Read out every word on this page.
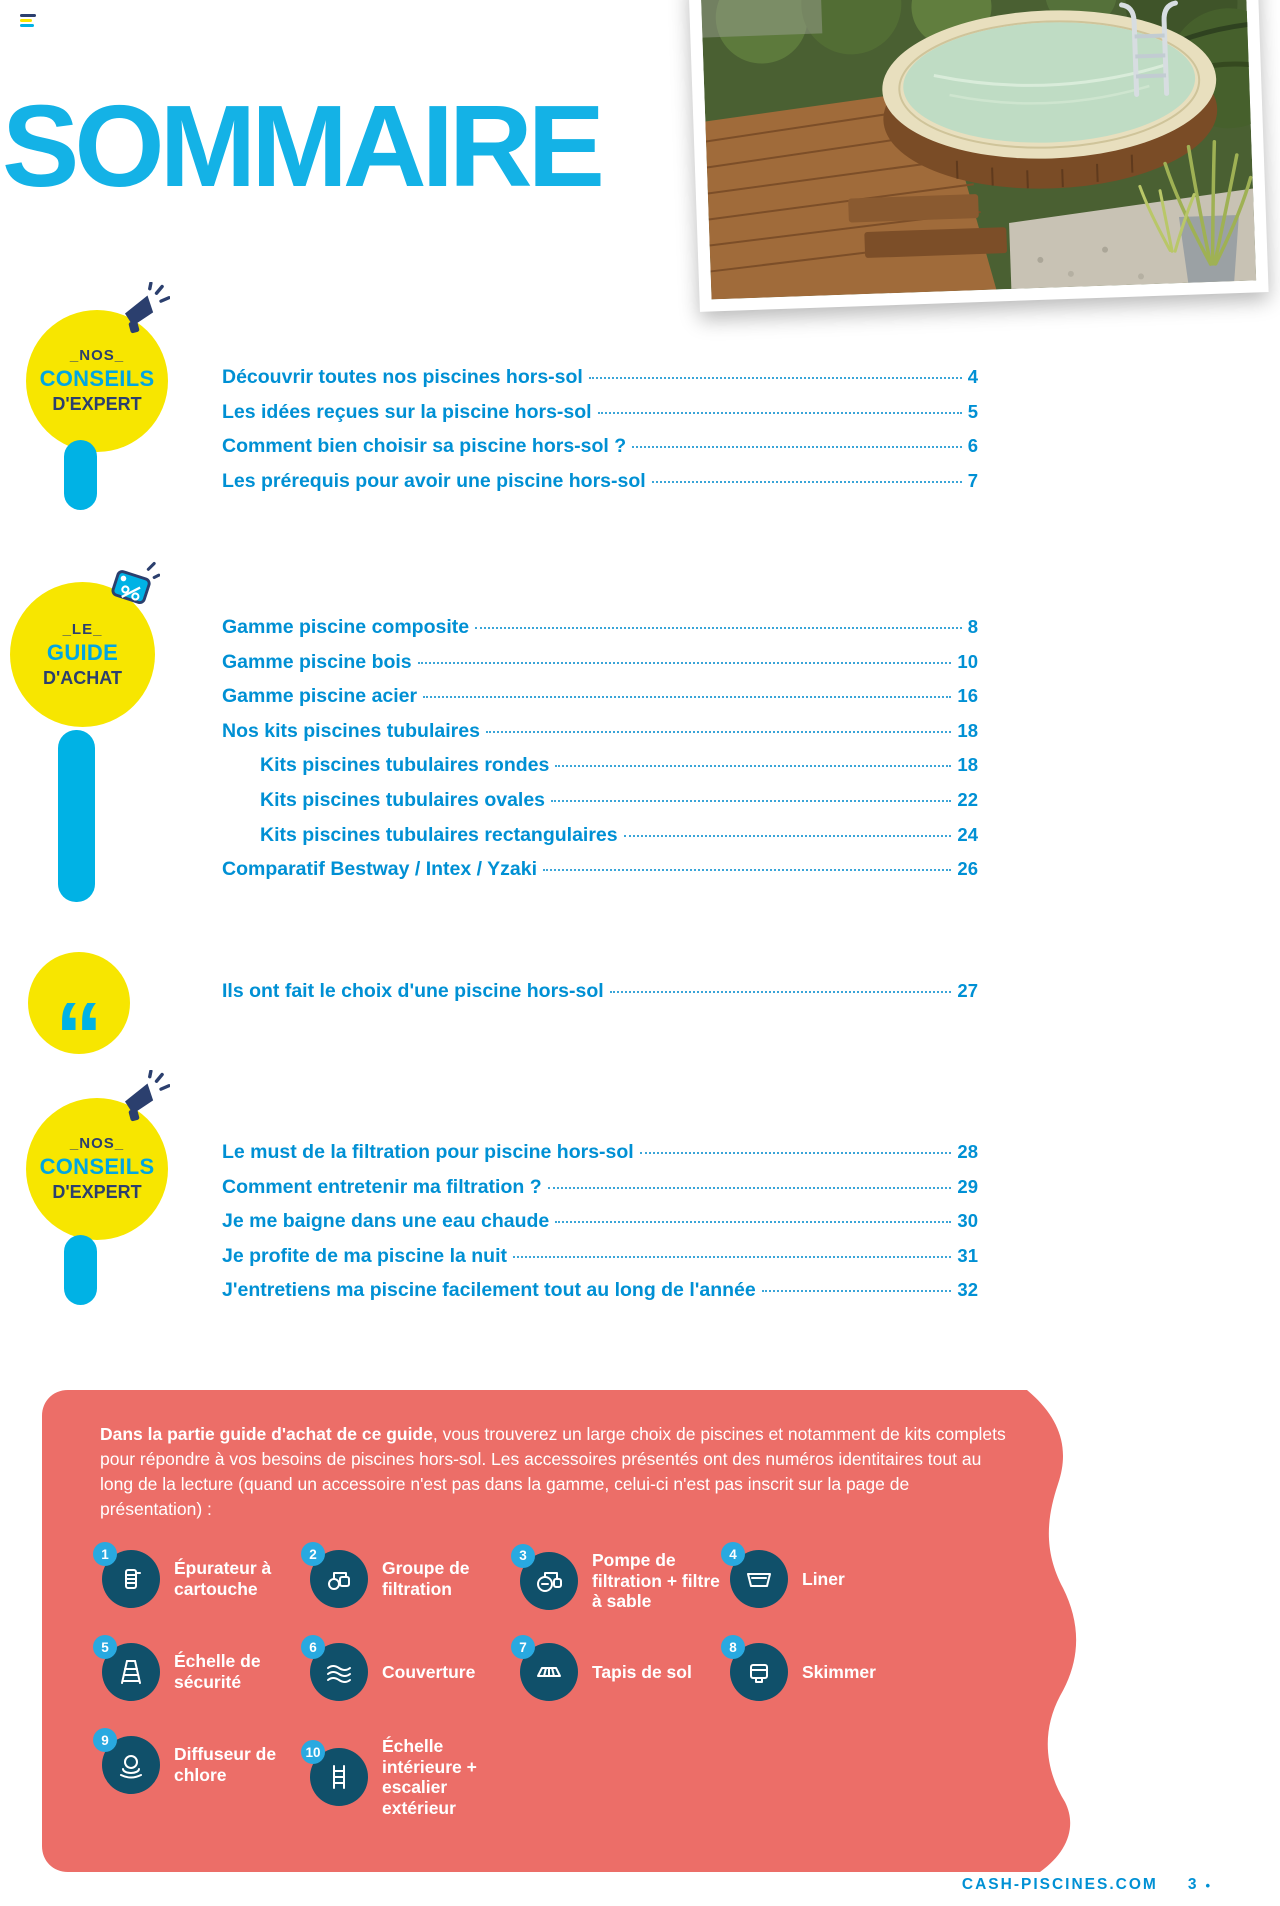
SOMMAIRE
_NOS_
CONSEILS
D'EXPERT
Découvrir toutes nos piscines hors-sol	4
Les idées reçues sur la piscine hors-sol	5
Comment bien choisir sa piscine hors-sol ?	6
Les prérequis pour avoir une piscine hors-sol	7
_LE_
GUIDE
D'ACHAT
Gamme piscine composite	8
Gamme piscine bois	10
Gamme piscine acier	16
Nos kits piscines tubulaires	18
Kits piscines tubulaires rondes	18
Kits piscines tubulaires ovales	22
Kits piscines tubulaires rectangulaires	24
Comparatif Bestway / Intex / Yzaki	26
“	Ils ont fait le choix d'une piscine hors-sol	27
_NOS_
CONSEILS
D'EXPERT
Le must de la filtration pour piscine hors-sol	28
Comment entretenir ma filtration ?	29
Je me baigne dans une eau chaude	30
Je profite de ma piscine la nuit	31
J'entretiens ma piscine facilement tout au long de l'année	32
Dans la partie guide d'achat de ce guide, vous trouverez un large choix de piscines et notamment de kits complets pour répondre à vos besoins de piscines hors-sol. Les accessoires présentés ont des numéros identitaires tout au long de la lecture (quand un accessoire n'est pas dans la gamme, celui-ci n'est pas inscrit sur la page de présentation) :
1
Épurateur à cartouche
2
Groupe de filtration
3	Pompe de filtration + filtre à sable
4
Liner
5
Échelle de sécurité
6
Couverture
7
Tapis de sol
8
Skimmer
9
Diffuseur de chlore
10	Échelle intérieure + escalier extérieur
CASH-PISCINES.COM 3 •
